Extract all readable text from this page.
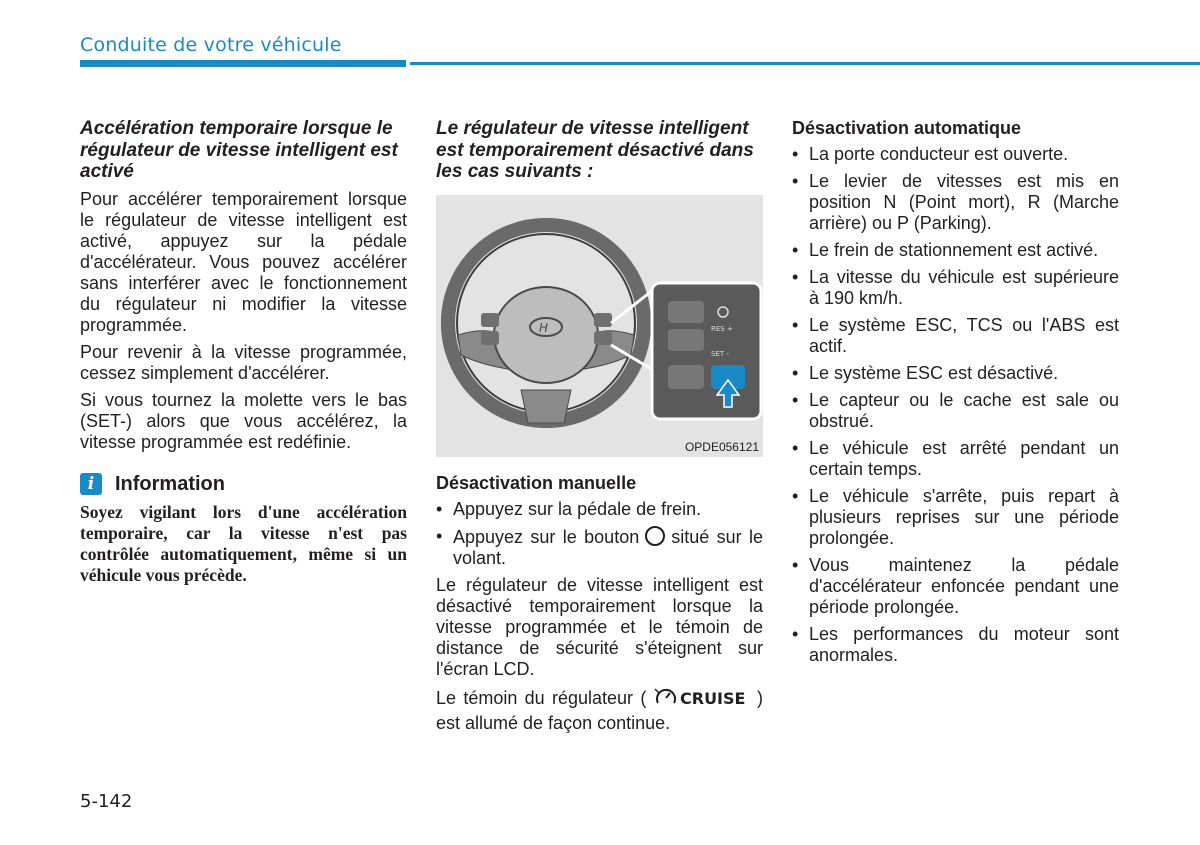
Conduite de votre véhicule
Accélération temporaire lorsque le régulateur de vitesse intelligent est activé

Pour accélérer temporairement lorsque le régulateur de vitesse intelligent est activé, appuyez sur la pédale d'accélérateur. Vous pouvez accélérer sans interférer avec le fonctionnement du régulateur ni modifier la vitesse programmée.

Pour revenir à la vitesse programmée, cessez simplement d'accélérer.

Si vous tournez la molette vers le bas (SET-) alors que vous accélérez, la vitesse programmée est redéfinie.

i	Information

Soyez vigilant lors d'une accélération temporaire, car la vitesse n'est pas contrôlée automatiquement, même si un véhicule vous précède.

Le régulateur de vitesse intelligent est temporairement désactivé dans les cas suivants :
H	RES +
SET -
OPDE056121
Désactivation manuelle
• Appuyez sur la pédale de frein.
• Appuyez sur le bouton situé sur le volant.

Le régulateur de vitesse intelligent est désactivé temporairement lorsque la vitesse programmée et le témoin de distance de sécurité s'éteignent sur l'écran LCD.

Le témoin du régulateur ( CRUISE ) est allumé de façon continue.

Désactivation automatique
• La porte conducteur est ouverte.
• Le levier de vitesses est mis en position N (Point mort), R (Marche arrière) ou P (Parking).
• Le frein de stationnement est activé.
• La vitesse du véhicule est supérieure à 190 km/h.
• Le système ESC, TCS ou l'ABS est actif.
• Le système ESC est désactivé.
• Le capteur ou le cache est sale ou obstrué.
• Le véhicule est arrêté pendant un certain temps.
• Le véhicule s'arrête, puis repart à plusieurs reprises sur une période prolongée.
• Vous maintenez la pédale d'accélérateur enfoncée pendant une période prolongée.
• Les performances du moteur sont anormales.
5-142
